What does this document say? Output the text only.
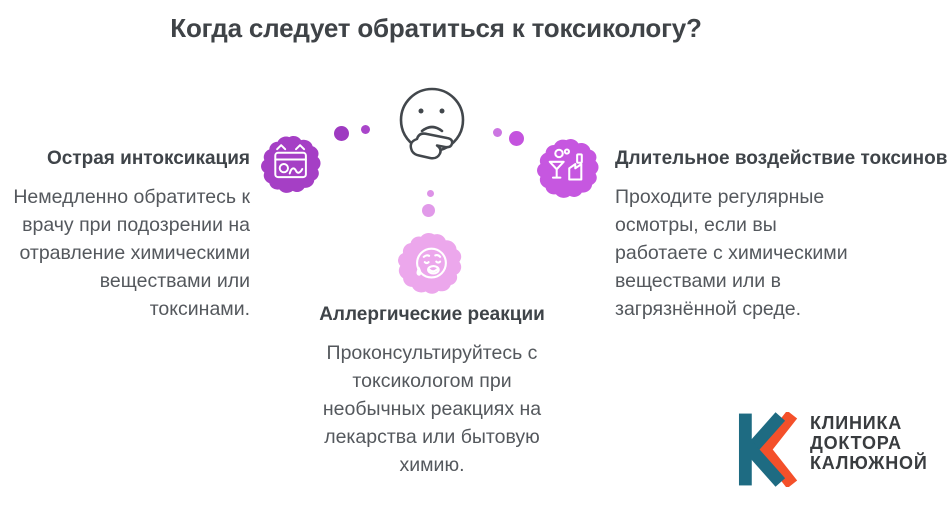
Когда следует обратиться к токсикологу?
Острая интоксикация

Немедленно обратитесь к врачу при подозрении на отравление химическими веществами или токсинами.

Длительное воздействие токсинов

Проходите регулярные осмотры, если вы работаете с химическими веществами или в загрязнённой среде.

Аллергические реакции

Проконсультируйтесь с токсикологом при необычных реакциях на лекарства или бытовую химию.

КЛИНИКА
ДОКТОРА
КАЛЮЖНОЙ
